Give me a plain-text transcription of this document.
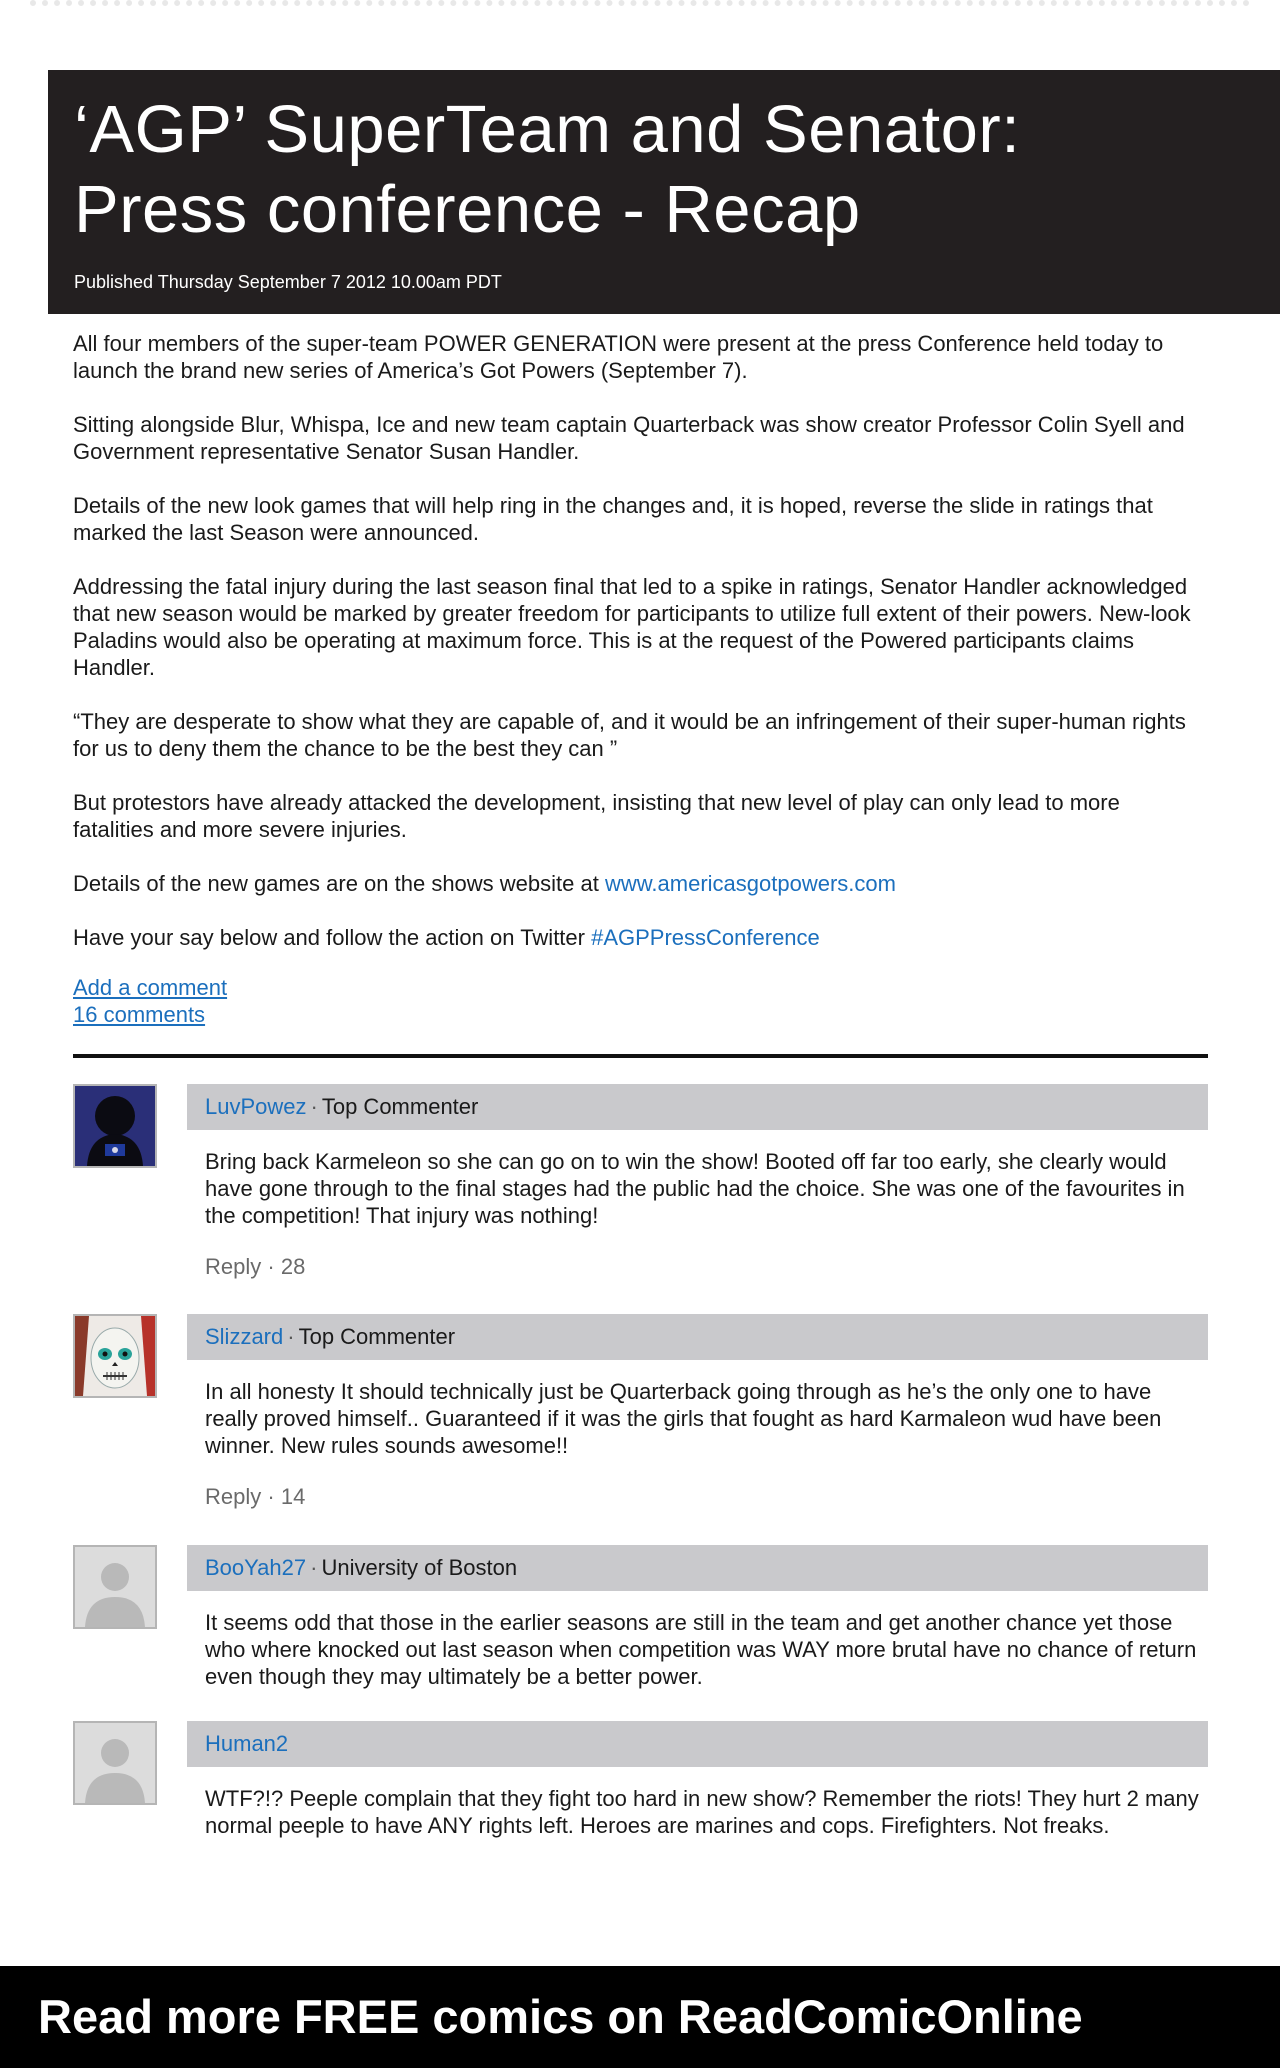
‘AGP’ SuperTeam and Senator:
Press conference - Recap
Published Thursday September 7 2012 10.00am PDT

All four members of the super-team POWER GENERATION were present at the press Conference held today to launch the brand new series of America’s Got Powers (September 7).

Sitting alongside Blur, Whispa, Ice and new team captain Quarterback was show creator Professor Colin Syell and Government representative Senator Susan Handler.

Details of the new look games that will help ring in the changes and, it is hoped, reverse the slide in ratings that marked the last Season were announced.

Addressing the fatal injury during the last season final that led to a spike in ratings, Senator Handler acknowledged that new season would be marked by greater freedom for participants to utilize full extent of their powers. New-look Paladins would also be operating at maximum force. This is at the request of the Powered participants claims Handler.

“They are desperate to show what they are capable of, and it would be an infringement of their super-human rights for us to deny them the chance to be the best they can ”

But protestors have already attacked the development, insisting that new level of play can only lead to more fatalities and more severe injuries.

Details of the new games are on the shows website at www.americasgotpowers.com

Have your say below and follow the action on Twitter #AGPPressConference

Add a comment
16 comments
LuvPowez · Top Commenter
Bring back Karmeleon so she can go on to win the show! Booted off far too early, she clearly would have gone through to the final stages had the public had the choice. She was one of the favourites in the competition! That injury was nothing!
Reply · 28
Slizzard · Top Commenter
In all honesty It should technically just be Quarterback going through as he’s the only one to have really proved himself.. Guaranteed if it was the girls that fought as hard Karmaleon wud have been winner. New rules sounds awesome!!
Reply · 14
BooYah27 · University of Boston
It seems odd that those in the earlier seasons are still in the team and get another chance yet those who where knocked out last season when competition was WAY more brutal have no chance of return even though they may ultimately be a better power.
Human2
WTF?!? Peeple complain that they fight too hard in new show? Remember the riots! They hurt 2 many normal peeple to have ANY rights left. Heroes are marines and cops. Firefighters. Not freaks.
Read more FREE comics on ReadComicOnline
